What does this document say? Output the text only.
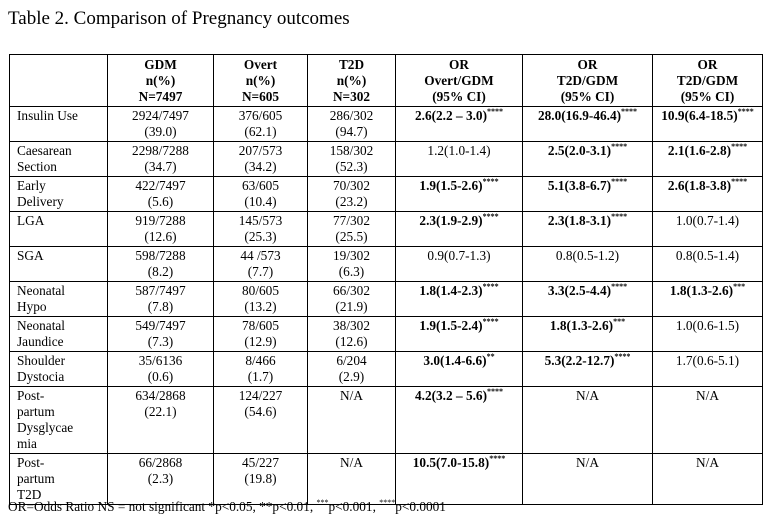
Table 2. Comparison of Pregnancy outcomes
	GDM
n(%)
N=7497	Overt
n(%)
N=605	T2D
n(%)
N=302	OR
Overt/GDM
(95% CI)	OR
T2D/GDM
(95% CI)	OR
T2D/GDM
(95% CI)
Insulin Use	2924/7497
(39.0)	376/605
(62.1)	286/302
(94.7)	2.6(2.2 – 3.0)****	28.0(16.9-46.4)****	10.9(6.4-18.5)****
Caesarean
Section	2298/7288
(34.7)	207/573
(34.2)	158/302
(52.3)	1.2(1.0-1.4)	2.5(2.0-3.1)****	2.1(1.6-2.8)****
Early
Delivery	422/7497
(5.6)	63/605
(10.4)	70/302
(23.2)	1.9(1.5-2.6)****	5.1(3.8-6.7)****	2.6(1.8-3.8)****
LGA	919/7288
(12.6)	145/573
(25.3)	77/302
(25.5)	2.3(1.9-2.9)****	2.3(1.8-3.1)****	1.0(0.7-1.4)
SGA	598/7288
(8.2)	44 /573
(7.7)	19/302
(6.3)	0.9(0.7-1.3)	0.8(0.5-1.2)	0.8(0.5-1.4)
Neonatal
Hypo	587/7497
(7.8)	80/605
(13.2)	66/302
(21.9)	1.8(1.4-2.3)****	3.3(2.5-4.4)****	1.8(1.3-2.6)***
Neonatal
Jaundice	549/7497
(7.3)	78/605
(12.9)	38/302
(12.6)	1.9(1.5-2.4)****	1.8(1.3-2.6)***	1.0(0.6-1.5)
Shoulder
Dystocia	35/6136
(0.6)	8/466
(1.7)	6/204
(2.9)	3.0(1.4-6.6)**	5.3(2.2-12.7)****	1.7(0.6-5.1)
Post-
partum
Dysglycae
mia	634/2868
(22.1)	124/227
(54.6)	N/A	4.2(3.2 – 5.6)****	N/A	N/A
Post-
partum
T2D	66/2868
(2.3)	45/227
(19.8)	N/A	10.5(7.0-15.8)****	N/A	N/A
OR=Odds Ratio NS = not significant *p<0.05, **p<0.01, ***p<0.001, ****p<0.0001
